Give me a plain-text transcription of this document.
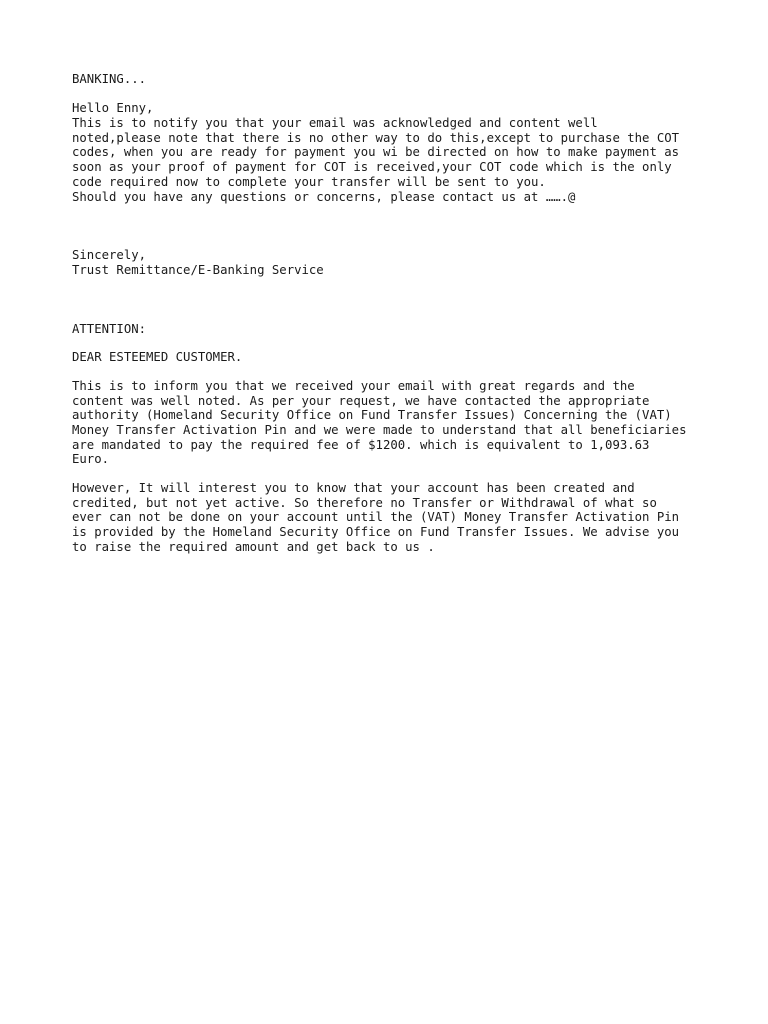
BANKING...
Hello Enny,
This is to notify you that your email was acknowledged and content well
noted,please note that there is no other way to do this,except to purchase the COT
codes, when you are ready for payment you wi be directed on how to make payment as
soon as your proof of payment for COT is received,your COT code which is the only
code required now to complete your transfer will be sent to you.
Should you have any questions or concerns, please contact us at …….@
Sincerely,
Trust Remittance/E-Banking Service
ATTENTION:
DEAR ESTEEMED CUSTOMER.
This is to inform you that we received your email with great regards and the
content was well noted. As per your request, we have contacted the appropriate
authority (Homeland Security Office on Fund Transfer Issues) Concerning the (VAT)
Money Transfer Activation Pin and we were made to understand that all beneficiaries
are mandated to pay the required fee of $1200. which is equivalent to 1,093.63
Euro.
However, It will interest you to know that your account has been created and
credited, but not yet active. So therefore no Transfer or Withdrawal of what so
ever can not be done on your account until the (VAT) Money Transfer Activation Pin
is provided by the Homeland Security Office on Fund Transfer Issues. We advise you
to raise the required amount and get back to us .
